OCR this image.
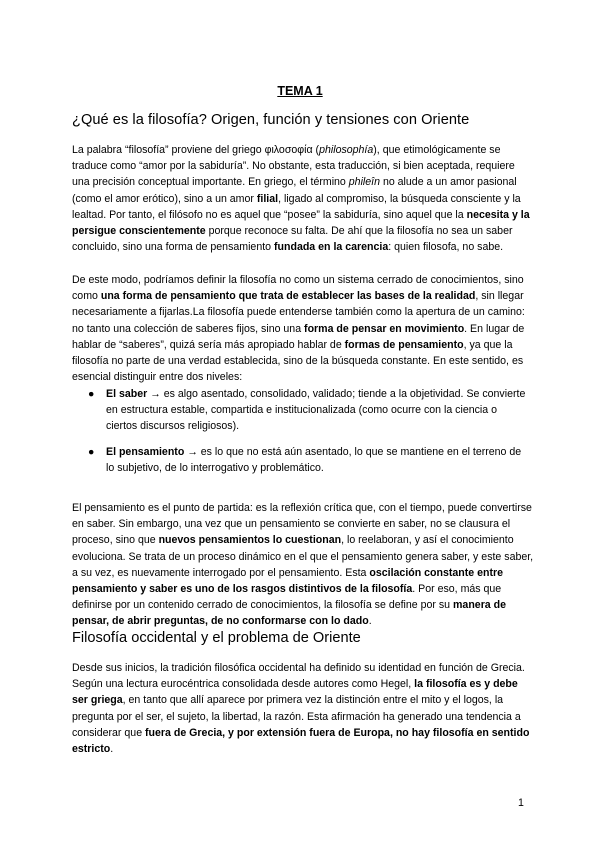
TEMA 1

¿Qué es la filosofía? Origen, función y tensiones con Oriente

La palabra “filosofía” proviene del griego φιλοσοφία (philosophía), que etimológicamente se traduce como “amor por la sabiduría”. No obstante, esta traducción, si bien aceptada, requiere una precisión conceptual importante. En griego, el término phileîn no alude a un amor pasional (como el amor erótico), sino a un amor filial, ligado al compromiso, la búsqueda consciente y la lealtad. Por tanto, el filósofo no es aquel que “posee” la sabiduría, sino aquel que la necesita y la persigue conscientemente porque reconoce su falta. De ahí que la filosofía no sea un saber concluido, sino una forma de pensamiento fundada en la carencia: quien filosofa, no sabe.

De este modo, podríamos definir la filosofía no como un sistema cerrado de conocimientos, sino como una forma de pensamiento que trata de establecer las bases de la realidad, sin llegar necesariamente a fijarlas.La filosofía puede entenderse también como la apertura de un camino: no tanto una colección de saberes fijos, sino una forma de pensar en movimiento. En lugar de hablar de “saberes”, quizá sería más apropiado hablar de formas de pensamiento, ya que la filosofía no parte de una verdad establecida, sino de la búsqueda constante. En este sentido, es esencial distinguir entre dos niveles:

● El saber → es algo asentado, consolidado, validado; tiende a la objetividad. Se convierte en estructura estable, compartida e institucionalizada (como ocurre con la ciencia o ciertos discursos religiosos).
● El pensamiento → es lo que no está aún asentado, lo que se mantiene en el terreno de lo subjetivo, de lo interrogativo y problemático.

El pensamiento es el punto de partida: es la reflexión crítica que, con el tiempo, puede convertirse en saber. Sin embargo, una vez que un pensamiento se convierte en saber, no se clausura el proceso, sino que nuevos pensamientos lo cuestionan, lo reelaboran, y así el conocimiento evoluciona. Se trata de un proceso dinámico en el que el pensamiento genera saber, y este saber, a su vez, es nuevamente interrogado por el pensamiento. Esta oscilación constante entre pensamiento y saber es uno de los rasgos distintivos de la filosofía. Por eso, más que definirse por un contenido cerrado de conocimientos, la filosofía se define por su manera de pensar, de abrir preguntas, de no conformarse con lo dado.

Filosofía occidental y el problema de Oriente

Desde sus inicios, la tradición filosófica occidental ha definido su identidad en función de Grecia. Según una lectura eurocéntrica consolidada desde autores como Hegel, la filosofía es y debe ser griega, en tanto que allí aparece por primera vez la distinción entre el mito y el logos, la pregunta por el ser, el sujeto, la libertad, la razón. Esta afirmación ha generado una tendencia a considerar que fuera de Grecia, y por extensión fuera de Europa, no hay filosofía en sentido estricto.

1
